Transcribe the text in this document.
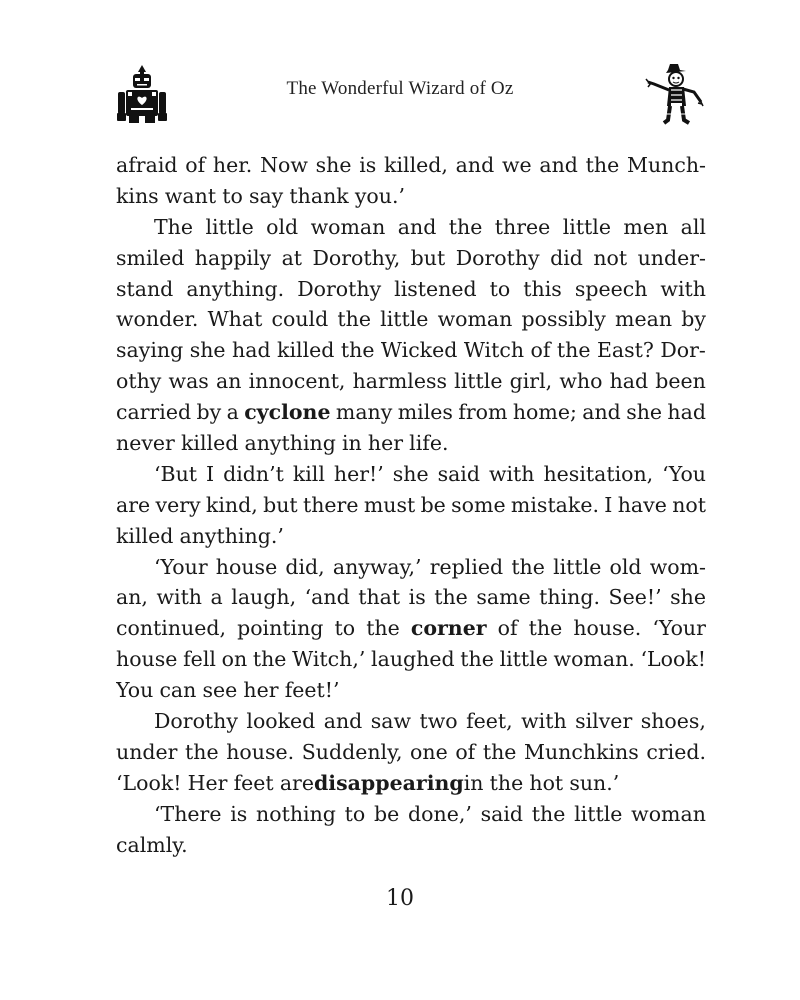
The Wonderful Wizard of Oz
afraid of her. Now she is killed, and we and the Munch-
kins want to say thank you.’
The little old woman and the three little men all
smiled happily at Dorothy, but Dorothy did not under-
stand anything. Dorothy listened to this speech with
wonder. What could the little woman possibly mean by
saying she had killed the Wicked Witch of the East? Dor-
othy was an innocent, harmless little girl, who had been
carried by a cyclone many miles from home; and she had
never killed anything in her life.
‘But I didn’t kill her!’ she said with hesitation, ‘You
are very kind, but there must be some mistake. I have not
killed anything.’
‘Your house did, anyway,’ replied the little old wom-
an, with a laugh, ‘and that is the same thing. See!’ she
continued, pointing to the corner of the house. ‘Your
house fell on the Witch,’ laughed the little woman. ‘Look!
You can see her feet!’
Dorothy looked and saw two feet, with silver shoes,
under the house. Suddenly, one of the Munchkins cried.
‘Look! Her feet are disappearing in the hot sun.’
‘There is nothing to be done,’ said the little woman
calmly.
10
